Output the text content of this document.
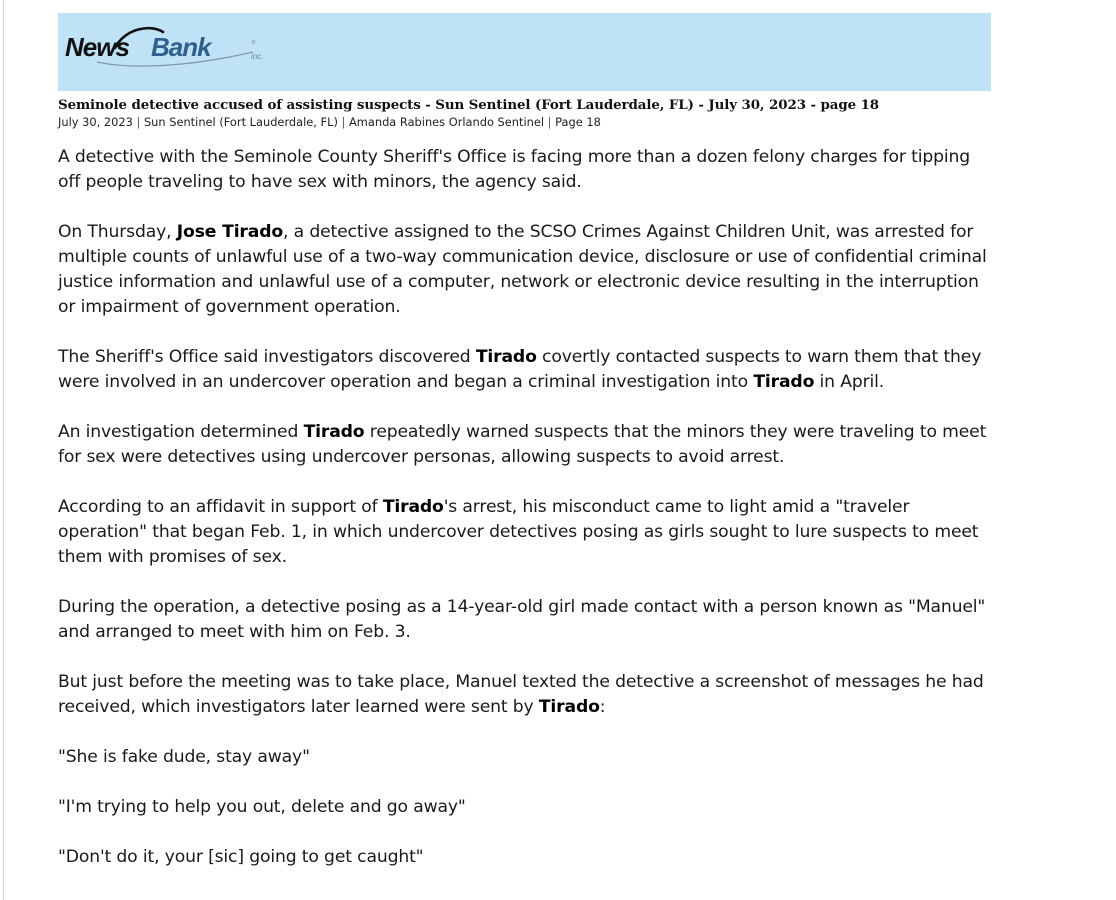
News Bank	®
inc.
Seminole detective accused of assisting suspects - Sun Sentinel (Fort Lauderdale, FL) - July 30, 2023 - page 18
July 30, 2023 | Sun Sentinel (Fort Lauderdale, FL) | Amanda Rabines Orlando Sentinel | Page 18

A detective with the Seminole County Sheriff's Office is facing more than a dozen felony charges for tipping off people traveling to have sex with minors, the agency said.

On Thursday, Jose Tirado, a detective assigned to the SCSO Crimes Against Children Unit, was arrested for multiple counts of unlawful use of a two-way communication device, disclosure or use of confidential criminal justice information and unlawful use of a computer, network or electronic device resulting in the interruption or impairment of government operation.

The Sheriff's Office said investigators discovered Tirado covertly contacted suspects to warn them that they were involved in an undercover operation and began a criminal investigation into Tirado in April.

An investigation determined Tirado repeatedly warned suspects that the minors they were traveling to meet for sex were detectives using undercover personas, allowing suspects to avoid arrest.

According to an affidavit in support of Tirado's arrest, his misconduct came to light amid a "traveler operation" that began Feb. 1, in which undercover detectives posing as girls sought to lure suspects to meet them with promises of sex.

During the operation, a detective posing as a 14-year-old girl made contact with a person known as "Manuel" and arranged to meet with him on Feb. 3.

But just before the meeting was to take place, Manuel texted the detective a screenshot of messages he had received, which investigators later learned were sent by Tirado:

"She is fake dude, stay away"

"I'm trying to help you out, delete and go away"

"Don't do it, your [sic] going to get caught"
